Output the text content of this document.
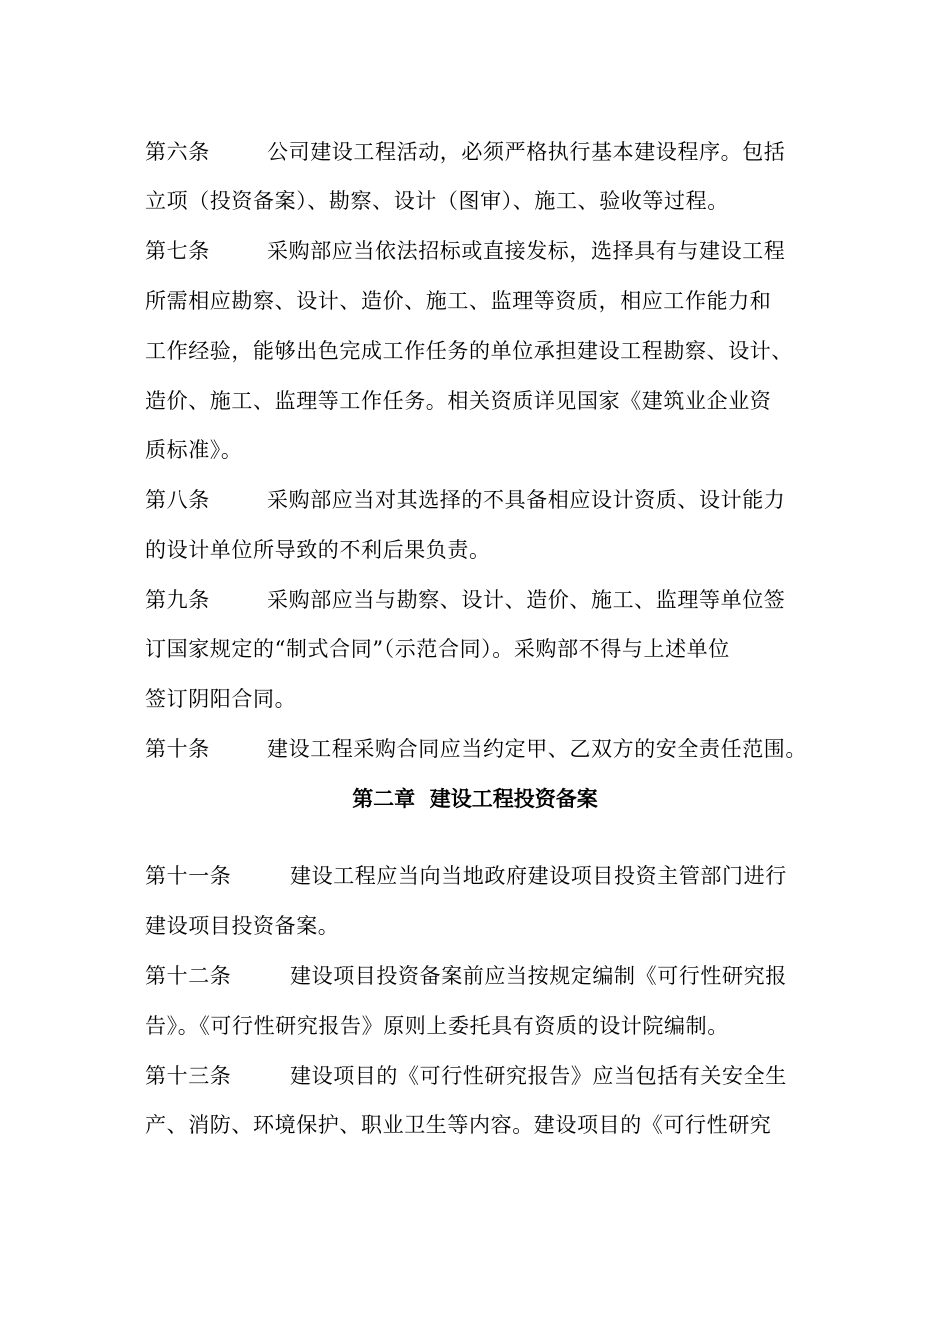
第六条	公司建设工程活动，必须严格执行基本建设程序。包括
立项（投资备案）、勘察、设计（图审）、施工、验收等过程。
第七条	采购部应当依法招标或直接发标，选择具有与建设工程
所需相应勘察、设计、造价、施工、监理等资质，相应工作能力和
工作经验，能够出色完成工作任务的单位承担建设工程勘察、设计、
造价、施工、监理等工作任务。相关资质详见国家《建筑业企业资
质标准》。
第八条	采购部应当对其选择的不具备相应设计资质、设计能力
的设计单位所导致的不利后果负责。
第九条	采购部应当与勘察、设计、造价、施工、监理等单位签
订国家规定的“制式合同”（示范合同）。采购部不得与上述单位
签订阴阳合同。
第十条	建设工程采购合同应当约定甲、乙双方的安全责任范围。
第二章  建设工程投资备案
第十一条	建设工程应当向当地政府建设项目投资主管部门进行
建设项目投资备案。
第十二条	建设项目投资备案前应当按规定编制《可行性研究报
告》。《可行性研究报告》原则上委托具有资质的设计院编制。
第十三条	建设项目的《可行性研究报告》应当包括有关安全生
产、消防、环境保护、职业卫生等内容。建设项目的《可行性研究
